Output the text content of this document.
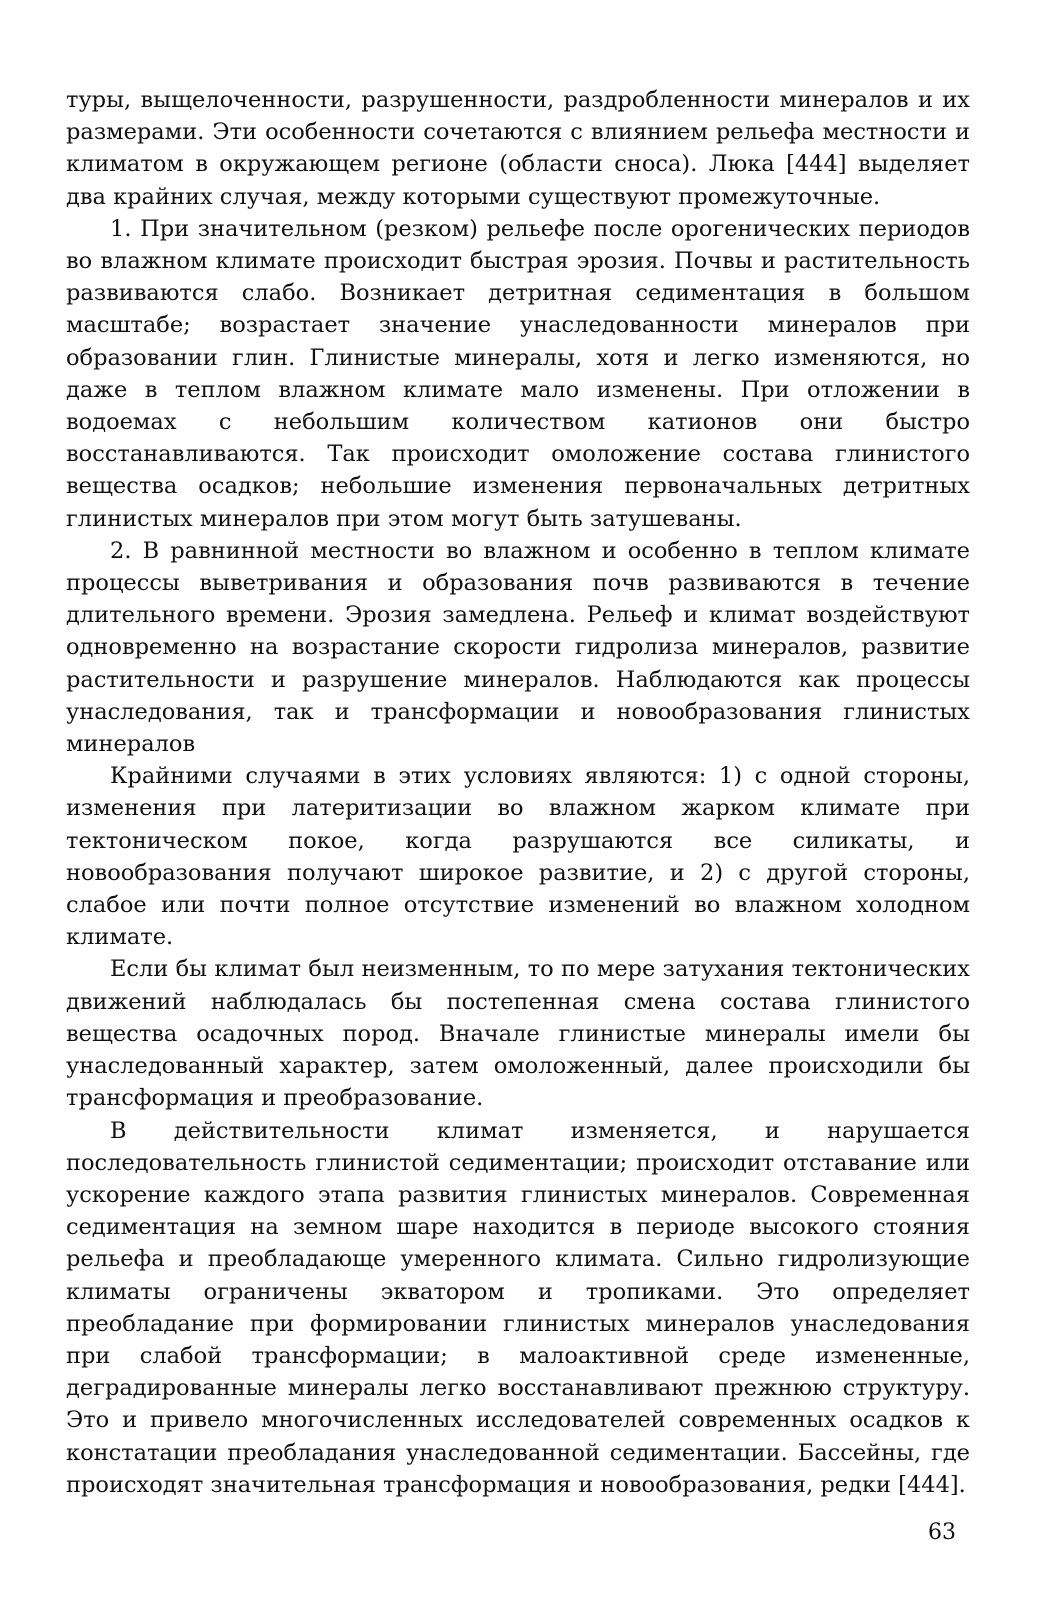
туры, выщелоченности, разрушенности, раздробленности минералов и их размерами. Эти особенности сочетаются с влиянием рельефа местности и климатом в окружающем регионе (области сноса). Люка [444] выделяет два крайних случая, между которыми существуют промежуточные.

1. При значительном (резком) рельефе после орогенических периодов во влажном климате происходит быстрая эрозия. Почвы и растительность развиваются слабо. Возникает детритная седиментация в большом масштабе; возрастает значение унаследованности минералов при образовании глин. Глинистые минералы, хотя и легко изменяются, но даже в теплом влажном климате мало изменены. При отложении в водоемах с небольшим количеством катионов они быстро восстанавливаются. Так происходит омоложение состава глинистого вещества осадков; небольшие изменения первоначальных детритных глинистых минералов при этом могут быть затушеваны.

2. В равнинной местности во влажном и особенно в теплом климате процессы выветривания и образования почв развиваются в течение длительного времени. Эрозия замедлена. Рельеф и климат воздействуют одновременно на возрастание скорости гидролиза минералов, развитие растительности и разрушение минералов. Наблюдаются как процессы унаследования, так и трансформации и новообразования глинистых минералов

Крайними случаями в этих условиях являются: 1) с одной стороны, изменения при латеритизации во влажном жарком климате при тектоническом покое, когда разрушаются все силикаты, и новообразования получают широкое развитие, и 2) с другой стороны, слабое или почти полное отсутствие изменений во влажном холодном климате.

Если бы климат был неизменным, то по мере затухания тектонических движений наблюдалась бы постепенная смена состава глинистого вещества осадочных пород. Вначале глинистые минералы имели бы унаследованный характер, затем омоложенный, далее происходили бы трансформация и преобразование.

В действительности климат изменяется, и нарушается последовательность глинистой седиментации; происходит отставание или ускорение каждого этапа развития глинистых минералов. Современная седиментация на земном шаре находится в периоде высокого стояния рельефа и преобладающе умеренного климата. Сильно гидролизующие климаты ограничены экватором и тропиками. Это определяет преобладание при формировании глинистых минералов унаследования при слабой трансформации; в малоактивной среде измененные, деградированные минералы легко восстанавливают прежнюю структуру. Это и привело многочисленных исследователей современных осадков к констатации преобладания унаследованной седиментации. Бассейны, где происходят значительная трансформация и новообразования, редки [444].

63
